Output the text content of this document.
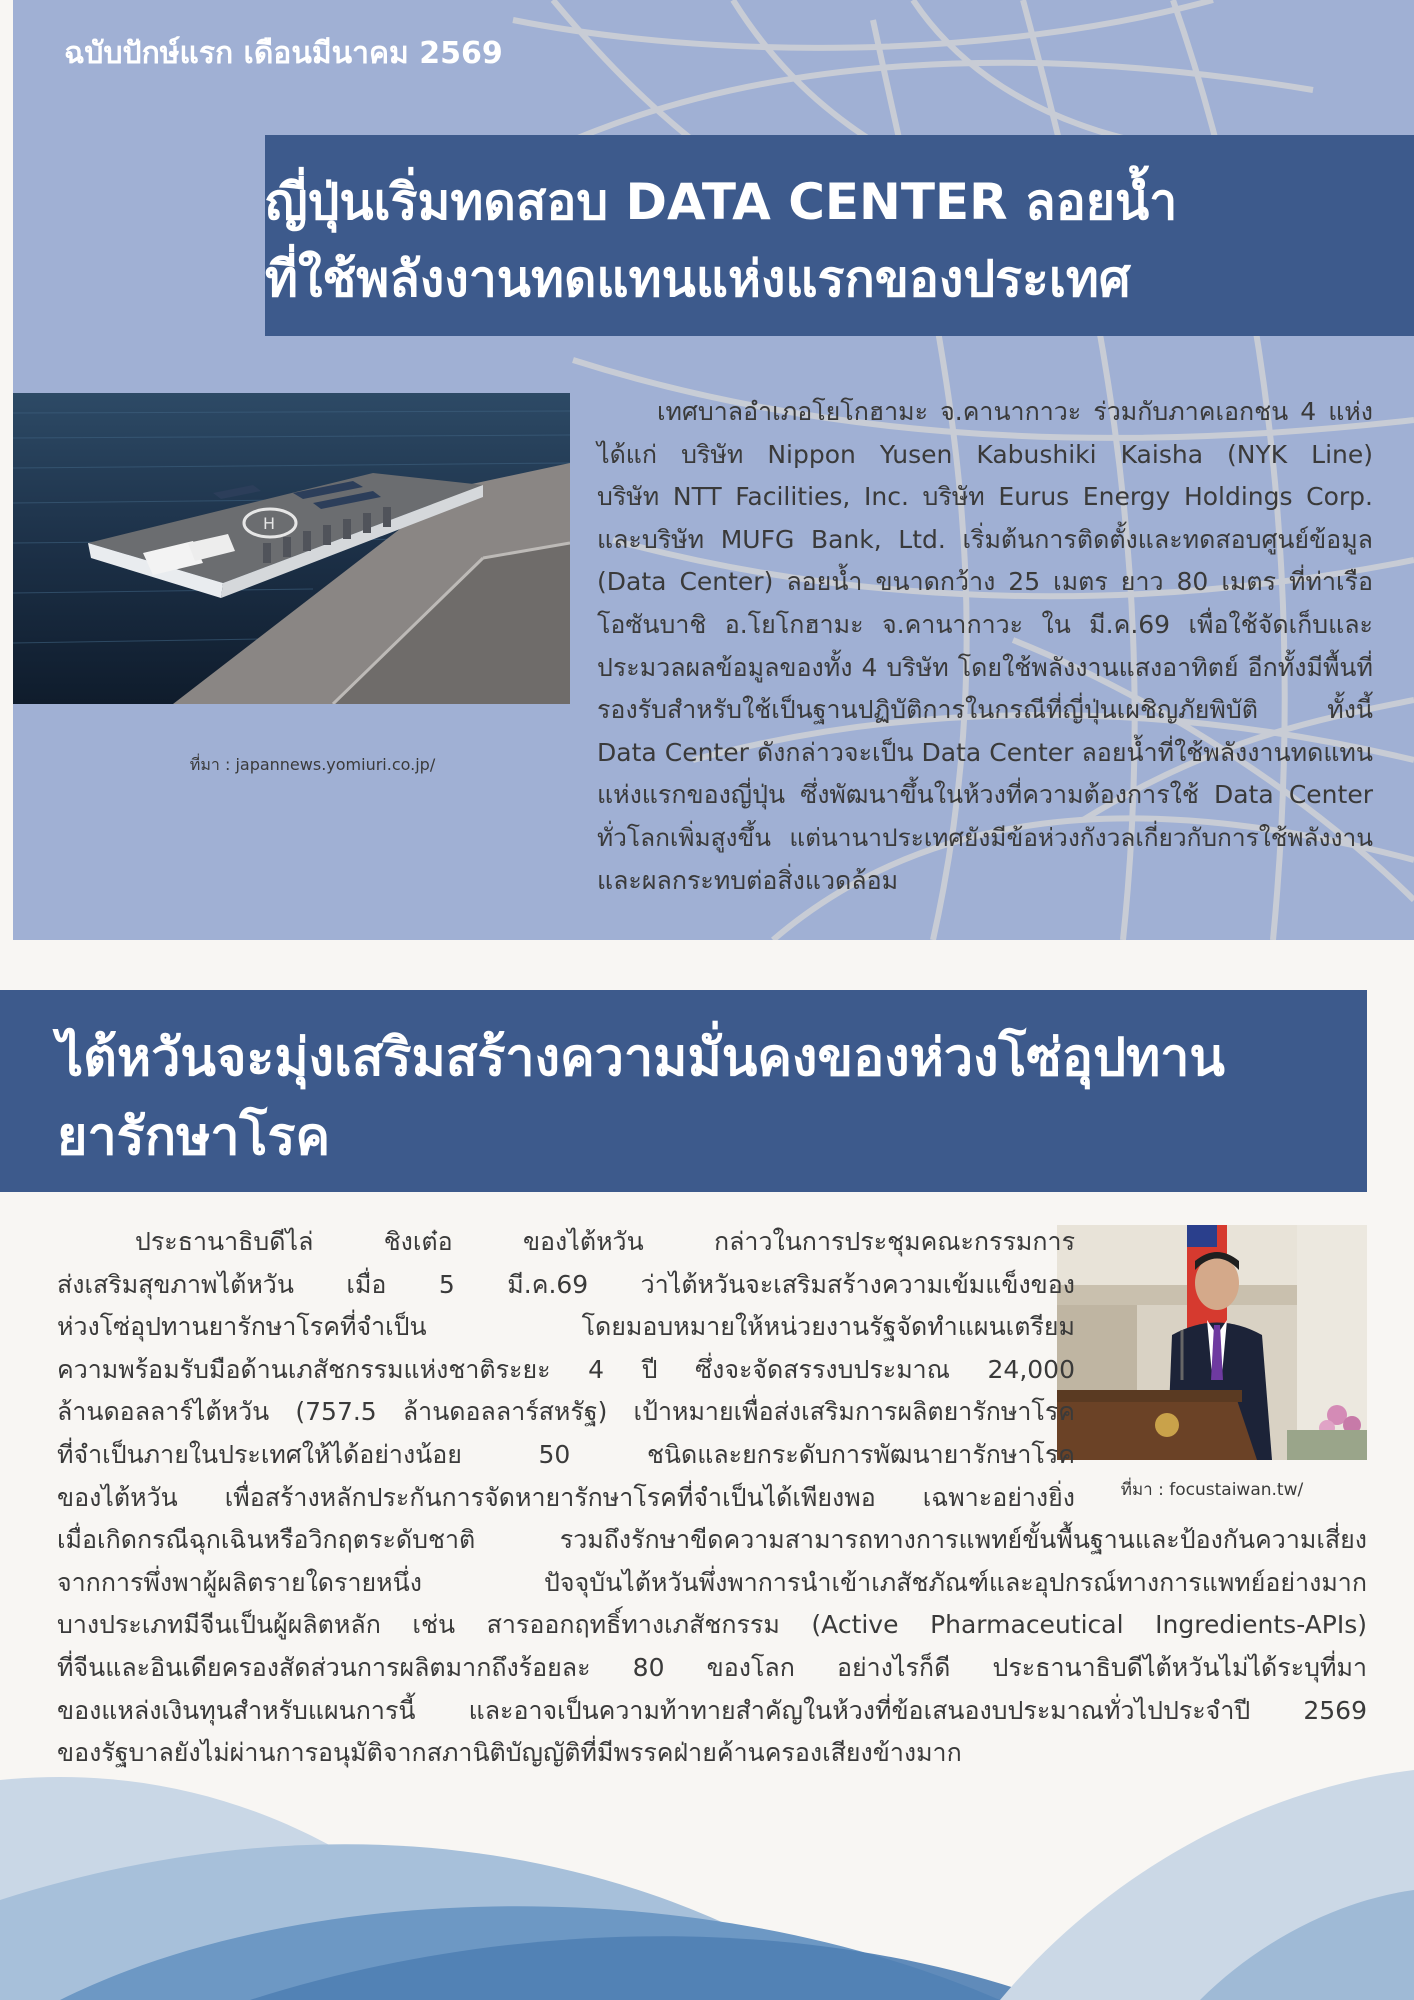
ญี่ปุ่นเริ่มทดสอบ DATA CENTER ลอยน้ำ
ที่ใช้พลังงานทดแทนแห่งแรกของประเทศ
H
ที่มา : japannews.yomiuri.co.jp/
เทศบาลอำเภอโยโกฮามะ จ.คานากาวะ ร่วมกับภาคเอกชน 4 แห่ง
ได้แก่ บริษัท Nippon Yusen Kabushiki Kaisha (NYK Line)
บริษัท NTT Facilities, Inc. บริษัท Eurus Energy Holdings Corp.
และบริษัท MUFG Bank, Ltd. เริ่มต้นการติดตั้งและทดสอบศูนย์ข้อมูล
(Data Center) ลอยน้ำ ขนาดกว้าง 25 เมตร ยาว 80 เมตร ที่ท่าเรือ
โอซันบาชิ อ.โยโกฮามะ จ.คานากาวะ ใน มี.ค.69 เพื่อใช้จัดเก็บและ
ประมวลผลข้อมูลของทั้ง 4 บริษัท โดยใช้พลังงานแสงอาทิตย์ อีกทั้งมีพื้นที่
รองรับสำหรับใช้เป็นฐานปฏิบัติการในกรณีที่ญี่ปุ่นเผชิญภัยพิบัติ ทั้งนี้
Data Center ดังกล่าวจะเป็น Data Center ลอยน้ำที่ใช้พลังงานทดแทน
แห่งแรกของญี่ปุ่น ซึ่งพัฒนาขึ้นในห้วงที่ความต้องการใช้ Data Center
ทั่วโลกเพิ่มสูงขึ้น แต่นานาประเทศยังมีข้อห่วงกังวลเกี่ยวกับการใช้พลังงาน
และผลกระทบต่อสิ่งแวดล้อม
ฉบับปักษ์แรก เดือนมีนาคม 2569
ไต้หวันจะมุ่งเสริมสร้างความมั่นคงของห่วงโซ่อุปทาน
ยารักษาโรค
ที่มา : focustaiwan.tw/
ประธานาธิบดีไล่ ชิงเต๋อ ของไต้หวัน กล่าวในการประชุมคณะกรรมการ
ส่งเสริมสุขภาพไต้หวัน เมื่อ 5 มี.ค.69 ว่าไต้หวันจะเสริมสร้างความเข้มแข็งของ
ห่วงโซ่อุปทานยารักษาโรคที่จำเป็น โดยมอบหมายให้หน่วยงานรัฐจัดทำแผนเตรียม
ความพร้อมรับมือด้านเภสัชกรรมแห่งชาติระยะ 4 ปี ซึ่งจะจัดสรรงบประมาณ 24,000
ล้านดอลลาร์ไต้หวัน (757.5 ล้านดอลลาร์สหรัฐ) เป้าหมายเพื่อส่งเสริมการผลิตยารักษาโรค
ที่จำเป็นภายในประเทศให้ได้อย่างน้อย 50 ชนิดและยกระดับการพัฒนายารักษาโรค
ของไต้หวัน เพื่อสร้างหลักประกันการจัดหายารักษาโรคที่จำเป็นได้เพียงพอ เฉพาะอย่างยิ่ง
เมื่อเกิดกรณีฉุกเฉินหรือวิกฤตระดับชาติ รวมถึงรักษาขีดความสามารถทางการแพทย์ขั้นพื้นฐานและป้องกันความเสี่ยง
จากการพึ่งพาผู้ผลิตรายใดรายหนึ่ง ปัจจุบันไต้หวันพึ่งพาการนำเข้าเภสัชภัณฑ์และอุปกรณ์ทางการแพทย์อย่างมาก
บางประเภทมีจีนเป็นผู้ผลิตหลัก เช่น สารออกฤทธิ์ทางเภสัชกรรม (Active Pharmaceutical Ingredients-APIs)
ที่จีนและอินเดียครองสัดส่วนการผลิตมากถึงร้อยละ 80 ของโลก อย่างไรก็ดี ประธานาธิบดีไต้หวันไม่ได้ระบุที่มา
ของแหล่งเงินทุนสำหรับแผนการนี้ และอาจเป็นความท้าทายสำคัญในห้วงที่ข้อเสนองบประมาณทั่วไปประจำปี 2569
ของรัฐบาลยังไม่ผ่านการอนุมัติจากสภานิติบัญญัติที่มีพรรคฝ่ายค้านครองเสียงข้างมาก
